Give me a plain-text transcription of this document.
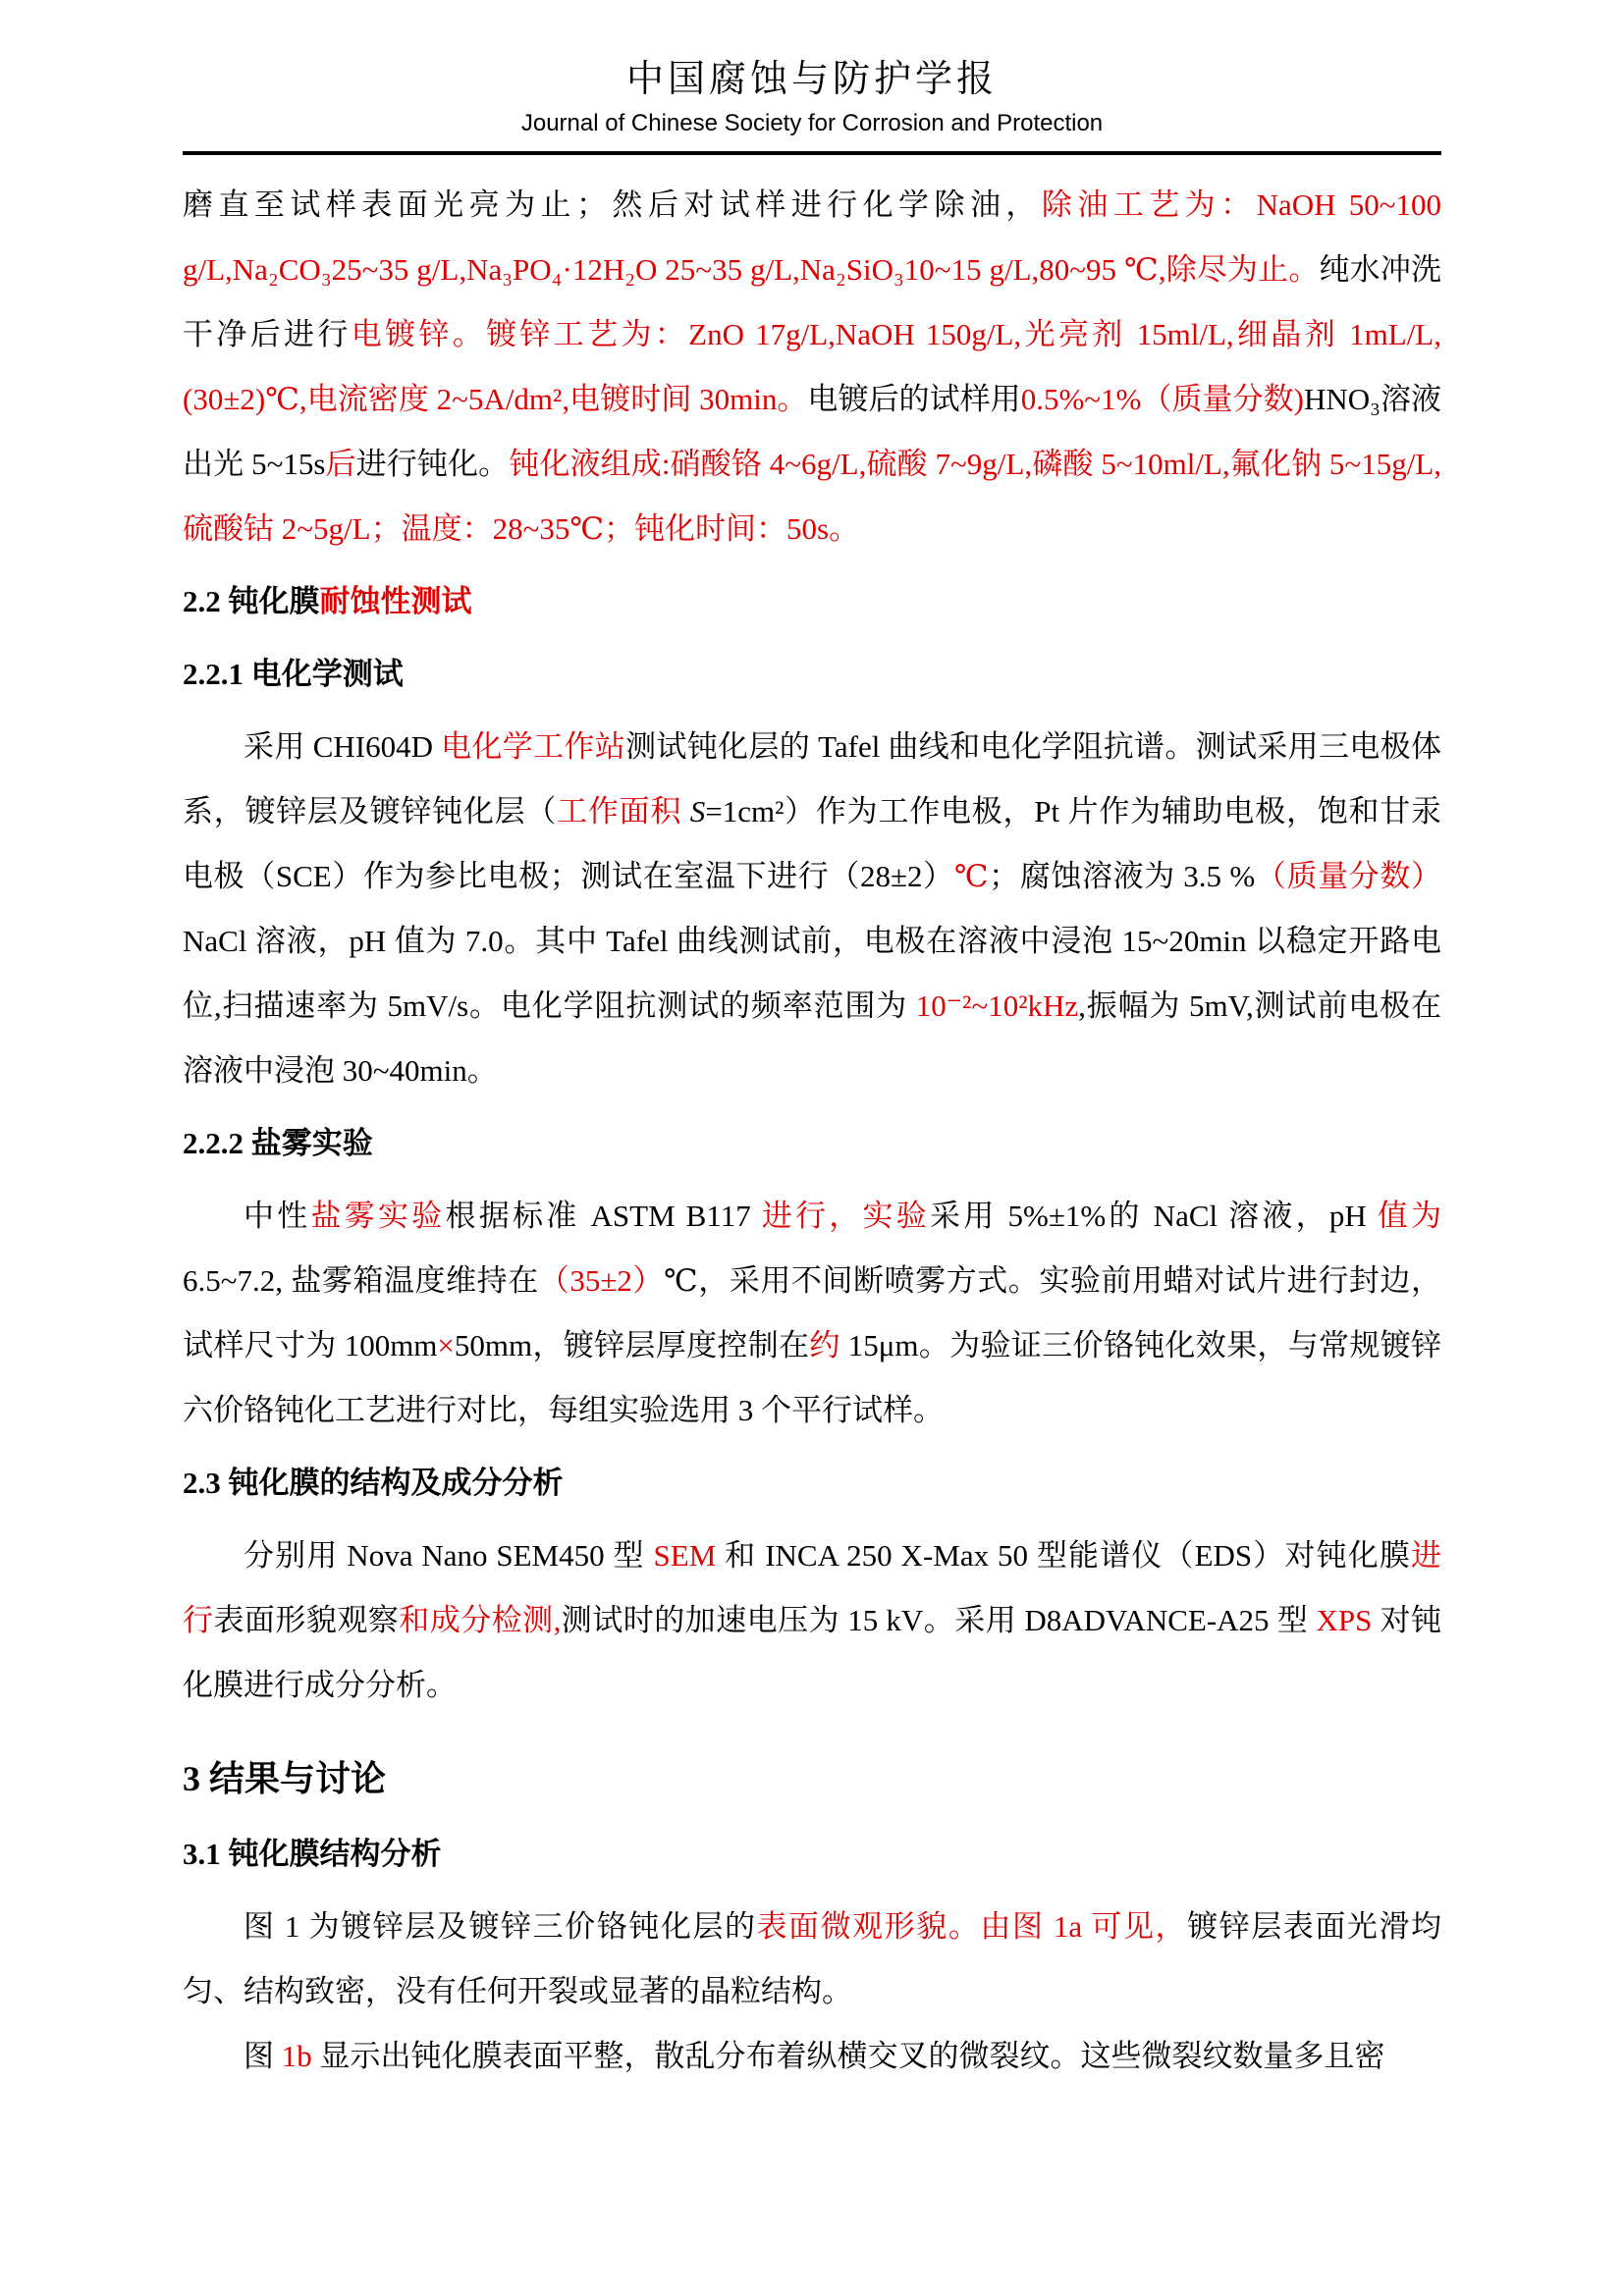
中国腐蚀与防护学报
Journal of Chinese Society for Corrosion and Protection
磨直至试样表面光亮为止；然后对试样进行化学除油，除油工艺为：NaOH 50~100 g/L,Na₂CO₃25~35 g/L,Na₃PO₄·12H₂O 25~35 g/L,Na₂SiO₃10~15 g/L,80~95 ℃,除尽为止。纯水冲洗干净后进行电镀锌。镀锌工艺为：ZnO 17g/L,NaOH 150g/L,光亮剂 15ml/L,细晶剂 1mL/L,(30±2)℃,电流密度 2~5A/dm²,电镀时间 30min。电镀后的试样用0.5%~1%（质量分数)HNO₃溶液出光 5~15s后进行钝化。钝化液组成:硝酸铬 4~6g/L,硫酸 7~9g/L,磷酸 5~10ml/L,氟化钠 5~15g/L,硫酸钴 2~5g/L；温度：28~35℃；钝化时间：50s。
2.2 钝化膜耐蚀性测试
2.2.1 电化学测试
采用 CHI604D 电化学工作站测试钝化层的 Tafel 曲线和电化学阻抗谱。测试采用三电极体系，镀锌层及镀锌钝化层（工作面积 S=1cm²）作为工作电极，Pt 片作为辅助电极，饱和甘汞电极（SCE）作为参比电极；测试在室温下进行（28±2）℃；腐蚀溶液为 3.5 %（质量分数）NaCl 溶液，pH 值为 7.0。其中 Tafel 曲线测试前，电极在溶液中浸泡 15~20min 以稳定开路电位,扫描速率为 5mV/s。电化学阻抗测试的频率范围为 10⁻²~10²kHz,振幅为 5mV,测试前电极在溶液中浸泡 30~40min。
2.2.2 盐雾实验
中性盐雾实验根据标准 ASTM B117 进行，实验采用 5%±1%的 NaCl 溶液，pH 值为 6.5~7.2, 盐雾箱温度维持在（35±2）℃，采用不间断喷雾方式。实验前用蜡对试片进行封边，试样尺寸为 100mm×50mm，镀锌层厚度控制在约 15μm。为验证三价铬钝化效果，与常规镀锌六价铬钝化工艺进行对比，每组实验选用 3 个平行试样。
2.3 钝化膜的结构及成分分析
分别用 Nova Nano SEM450 型 SEM 和 INCA 250 X-Max 50 型能谱仪（EDS）对钝化膜进行表面形貌观察和成分检测,测试时的加速电压为 15 kV。采用 D8ADVANCE-A25 型 XPS 对钝化膜进行成分分析。
3 结果与讨论
3.1 钝化膜结构分析
图 1 为镀锌层及镀锌三价铬钝化层的表面微观形貌。由图 1a 可见，镀锌层表面光滑均匀、结构致密，没有任何开裂或显著的晶粒结构。
图 1b 显示出钝化膜表面平整，散乱分布着纵横交叉的微裂纹。这些微裂纹数量多且密
